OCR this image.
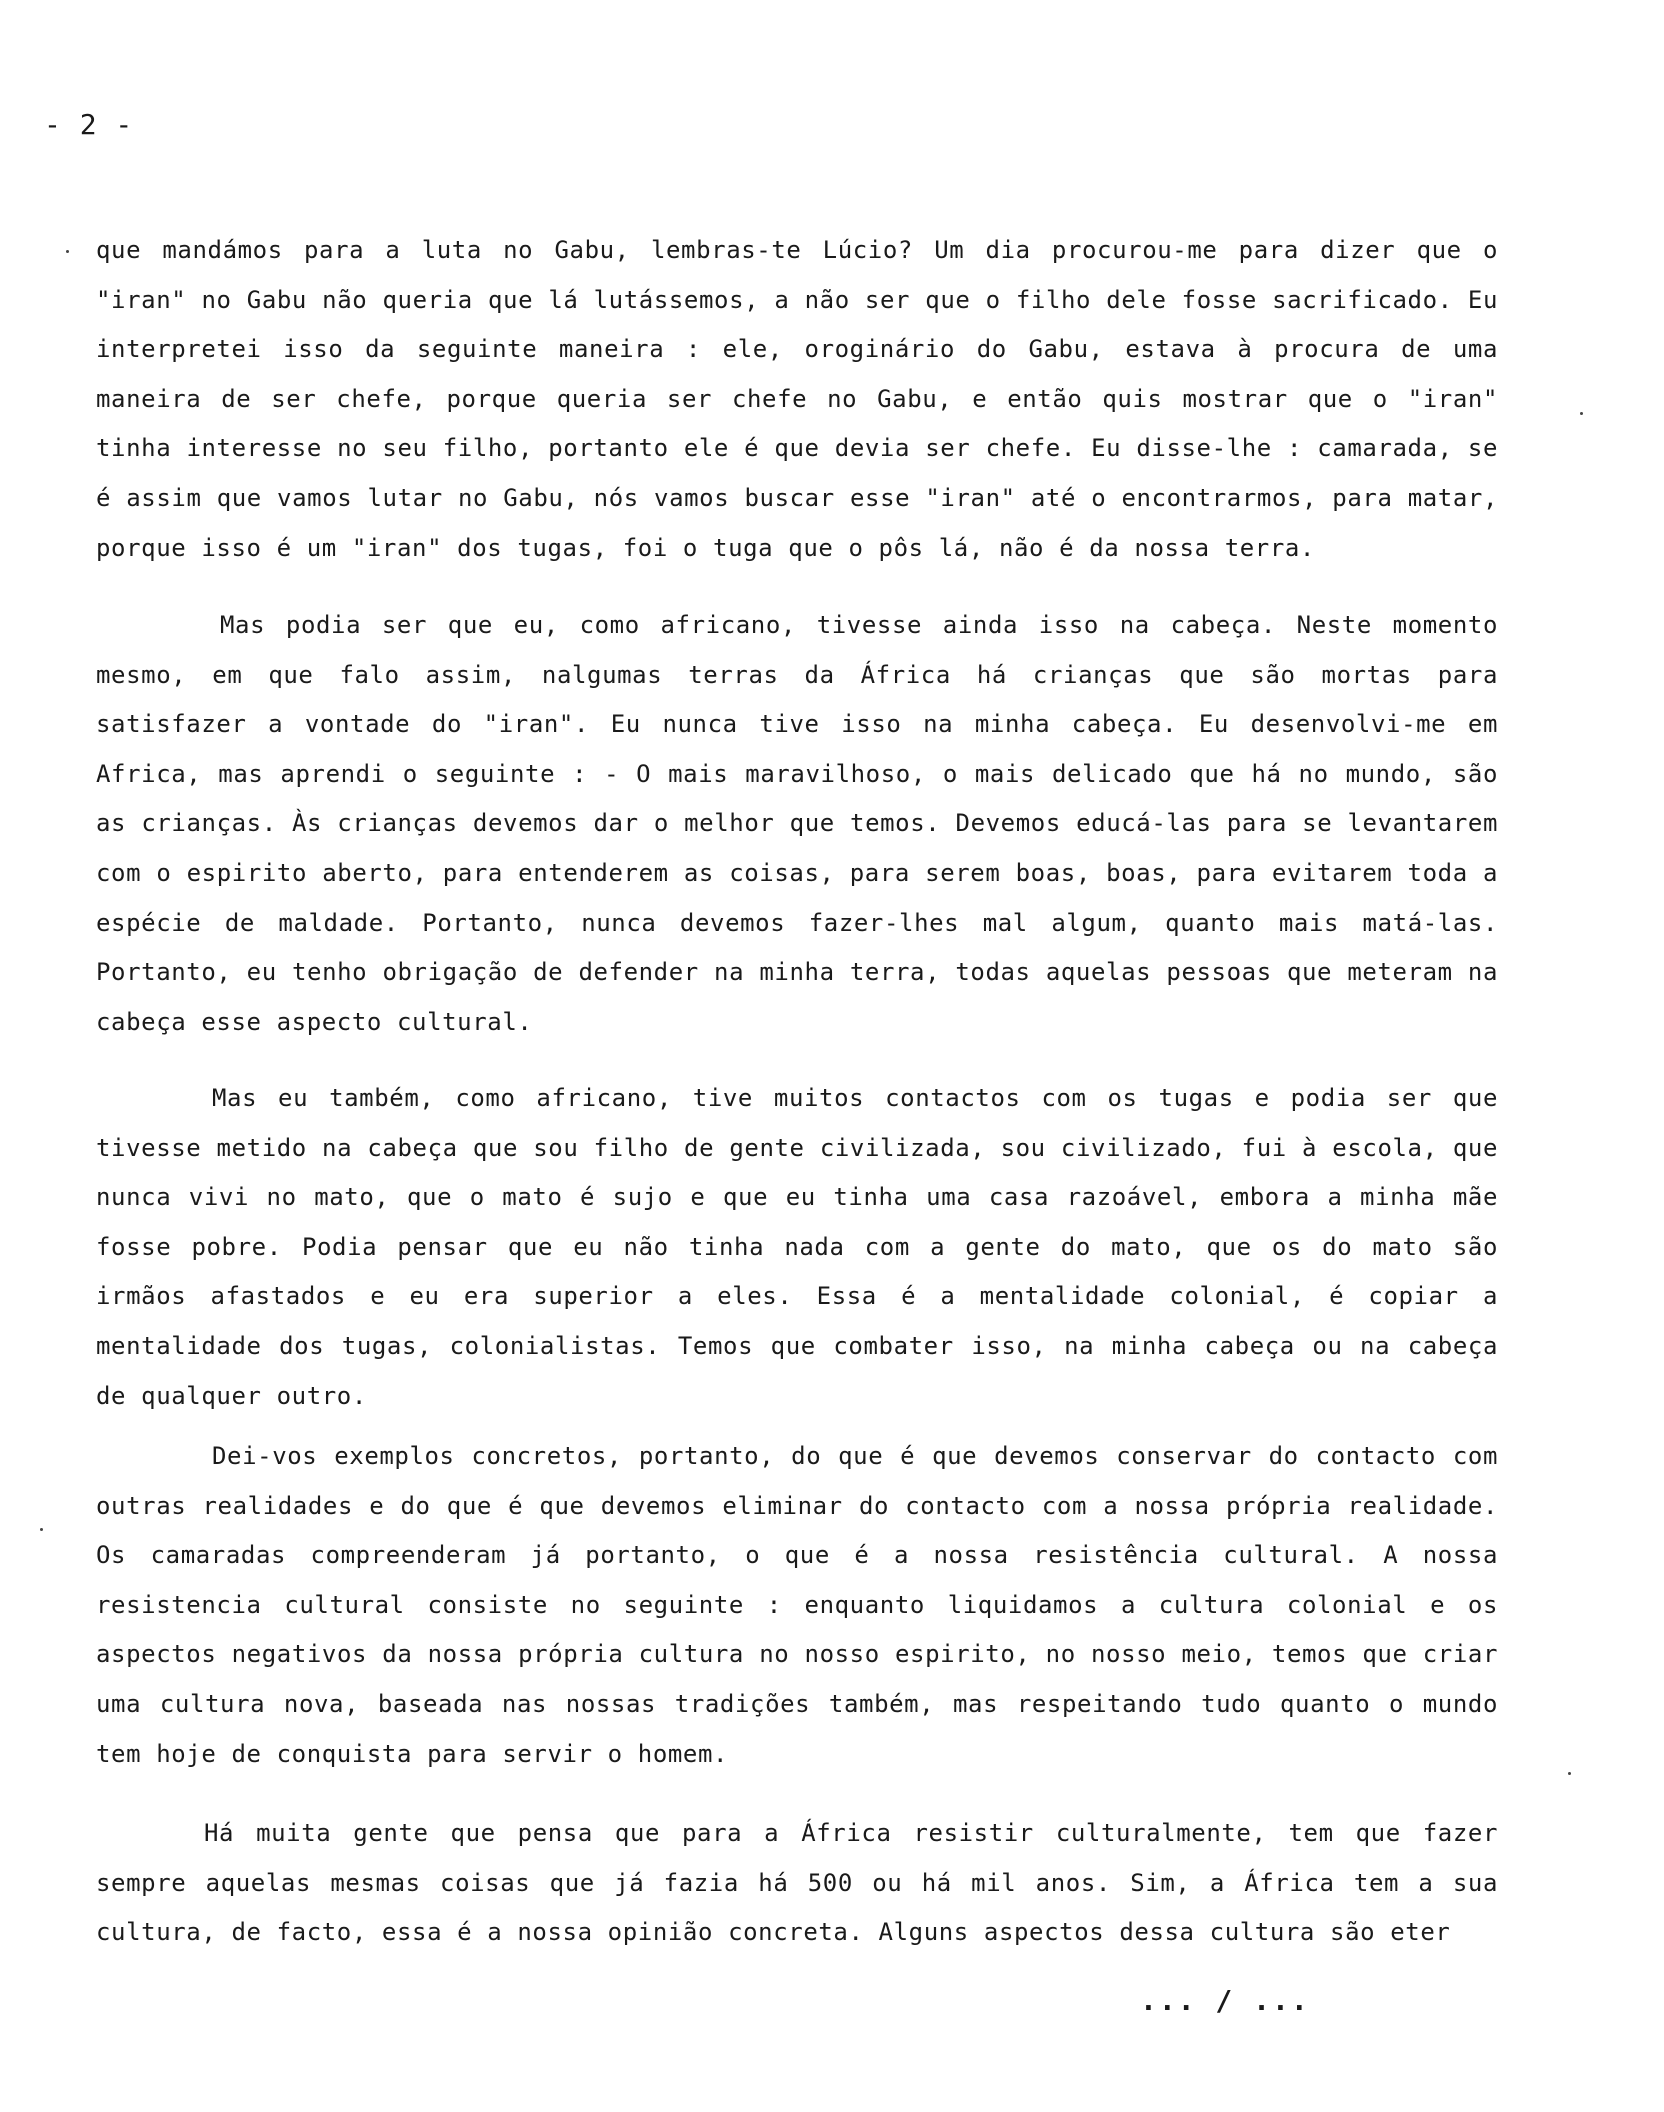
- 2 -

que mandámos para a luta no Gabu, lembras-te Lúcio? Um dia procurou-me para dizer que o "iran" no Gabu não queria que lá lutássemos, a não ser que o filho dele fosse sacrificado. Eu interpretei isso da seguinte maneira : ele, oroginário do Gabu, estava à procura de uma maneira de ser chefe, porque queria ser chefe no Gabu, e então quis mostrar que o "iran" tinha interesse no seu filho, portanto ele é que devia ser chefe. Eu disse-lhe : camarada, se é assim que vamos lutar no Gabu, nós vamos buscar esse "iran" até o encontrarmos, para matar, porque isso é um "iran" dos tugas, foi o tuga que o pôs lá, não é da nossa terra.

Mas podia ser que eu, como africano, tivesse ainda isso na cabeça. Neste momento mesmo, em que falo assim, nalgumas terras da África há crianças que são mortas para satisfazer a vontade do "iran". Eu nunca tive isso na minha cabeça. Eu desenvolvi-me em Africa, mas aprendi o seguinte : - O mais maravilhoso, o mais delicado que há no mundo, são as crianças. Às crianças devemos dar o melhor que temos. Devemos educá-las para se levantarem com o espirito aberto, para entenderem as coisas, para serem boas, boas, para evitarem toda a espécie de maldade. Portanto, nunca devemos fazer-lhes mal algum, quanto mais matá-las. Portanto, eu tenho obrigação de defender na minha terra, todas aquelas pessoas que meteram na cabeça esse aspecto cultural.

Mas eu também, como africano, tive muitos contactos com os tugas e podia ser que tivesse metido na cabeça que sou filho de gente civilizada, sou civilizado, fui à escola, que nunca vivi no mato, que o mato é sujo e que eu tinha uma casa razoável, embora a minha mãe fosse pobre. Podia pensar que eu não tinha nada com a gente do mato, que os do mato são irmãos afastados e eu era superior a eles. Essa é a mentalidade colonial, é copiar a mentalidade dos tugas, colonialistas. Temos que combater isso, na minha cabeça ou na cabeça de qualquer outro.

Dei-vos exemplos concretos, portanto, do que é que devemos conservar do contacto com outras realidades e do que é que devemos eliminar do contacto com a nossa própria realidade. Os camaradas compreenderam já portanto, o que é a nossa resistência cultural. A nossa resistencia cultural consiste no seguinte : enquanto liquidamos a cultura colonial e os aspectos negativos da nossa própria cultura no nosso espirito, no nosso meio, temos que criar uma cultura nova, baseada nas nossas tradições também, mas respeitando tudo quanto o mundo tem hoje de conquista para servir o homem.

Há muita gente que pensa que para a África resistir culturalmente, tem que fazer sempre aquelas mesmas coisas que já fazia há 500 ou há mil anos. Sim, a África tem a sua cultura, de facto, essa é a nossa opinião concreta. Alguns aspectos dessa cultura são eter

... / ...
